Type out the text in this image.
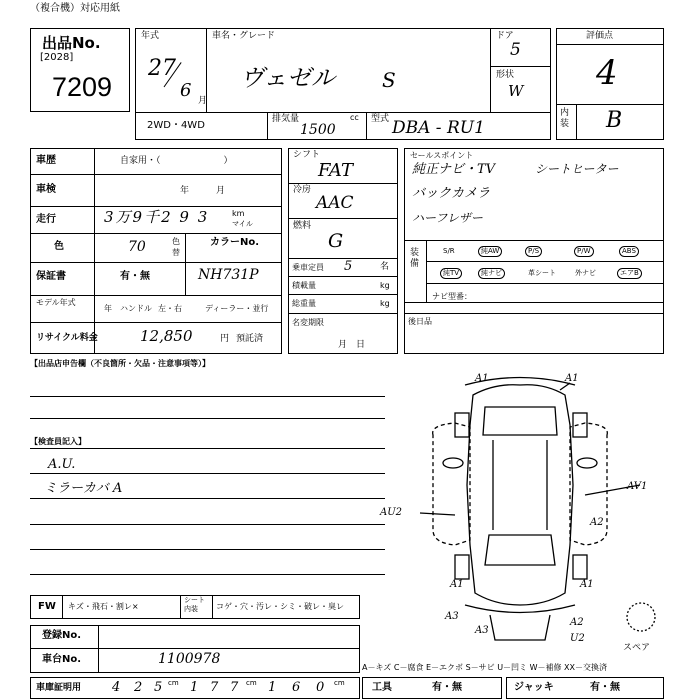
（複合機）対応用紙
出品No.
[2028]
7209
年式
27
6 月
車名・グレード
ヴェゼル S
ドア
5
形状
W
2WD・4WD
排気量	cc
1500
型式 DBA - RU1
評価点
4
内装 B
車歴	自家用・（　　　　　　　）
車検	年　　　月
走行	3万9千2 9 3	km
マイル
色	70	色替
カラーNo.
NH731P
保証書	有・無
モデル年式
年 ハンドル 左・右	ディーラー・並行
リサイクル料金	12,850	円 預託済
シフト
FAT
冷房
AAC
燃料
G
乗車定員 5	名
積載量	kg
総重量	kg
名変期限
月　日
セールスポイント
純正ナビ・TV	シートヒーター
バックカメラ
ハーフレザー
装備
S/R	純AW	P/S	P/W	ABS
純TV	純ナビ	革シート	外ナビ	エアB
ナビ型番：
後日品
【出品店申告欄（不良箇所・欠品・注意事項等）】
【検査員記入】
A.U.
ミラーカバ A
A1	A1
AU2
A2
A1	A1
A3
A3
A2
U2
AV1
スペア
FW キズ・飛石・割レ×
シート内装	コゲ・穴・汚レ・シミ・破レ・臭レ
登録No.
車台No.	1100978
車庫証明用 4 2 5 cm 1 7 7 cm 1 6 0 cm
A－キズ C－腐食 E－エクボ S－サビ U－凹ミ W－補修 XX－交換済
工具	有・無	ジャッキ	有・無
